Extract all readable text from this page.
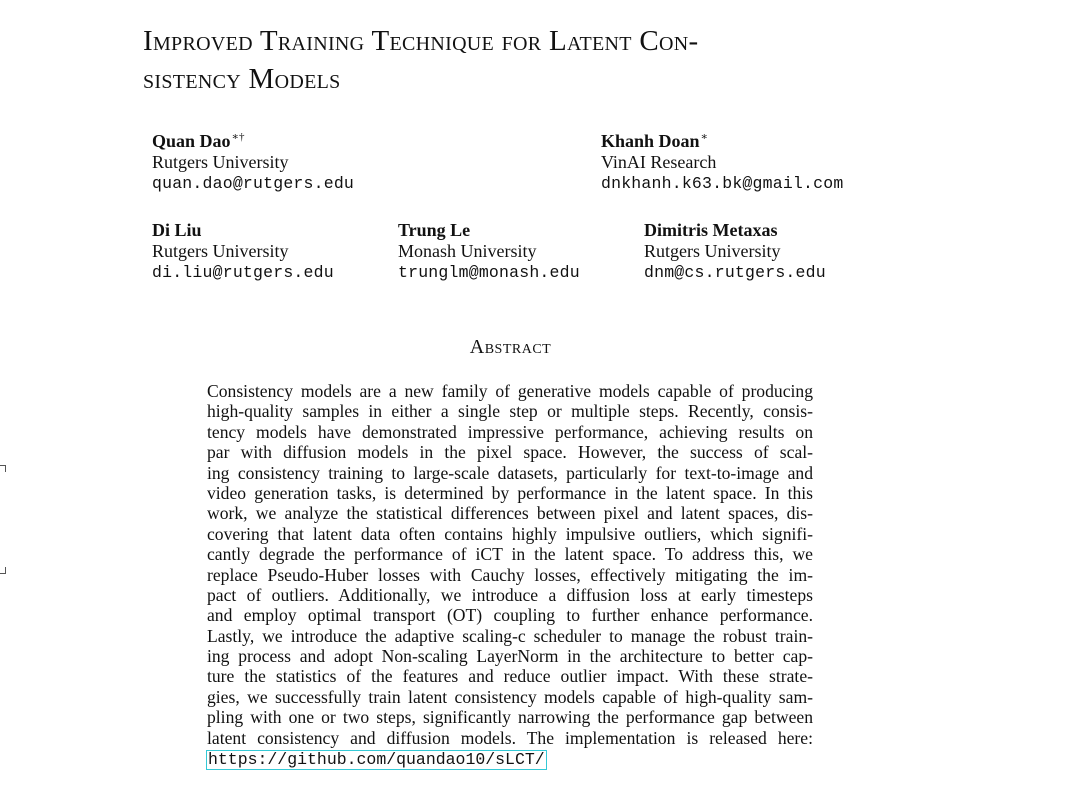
Improved Training Technique for Latent Con-
sistency Models
Quan Dao∗†
Rutgers University
quan.dao@rutgers.edu
Khanh Doan∗
VinAI Research
dnkhanh.k63.bk@gmail.com
Di Liu
Rutgers University
di.liu@rutgers.edu
Trung Le
Monash University
trunglm@monash.edu
Dimitris Metaxas
Rutgers University
dnm@cs.rutgers.edu
Abstract
Consistency models are a new family of generative models capable of producing
high-quality samples in either a single step or multiple steps. Recently, consis-
tency models have demonstrated impressive performance, achieving results on
par with diffusion models in the pixel space. However, the success of scal-
ing consistency training to large-scale datasets, particularly for text-to-image and
video generation tasks, is determined by performance in the latent space. In this
work, we analyze the statistical differences between pixel and latent spaces, dis-
covering that latent data often contains highly impulsive outliers, which signifi-
cantly degrade the performance of iCT in the latent space. To address this, we
replace Pseudo-Huber losses with Cauchy losses, effectively mitigating the im-
pact of outliers. Additionally, we introduce a diffusion loss at early timesteps
and employ optimal transport (OT) coupling to further enhance performance.
Lastly, we introduce the adaptive scaling-c scheduler to manage the robust train-
ing process and adopt Non-scaling LayerNorm in the architecture to better cap-
ture the statistics of the features and reduce outlier impact. With these strate-
gies, we successfully train latent consistency models capable of high-quality sam-
pling with one or two steps, significantly narrowing the performance gap between
latent consistency and diffusion models. The implementation is released here:
https://github.com/quandao10/sLCT/
